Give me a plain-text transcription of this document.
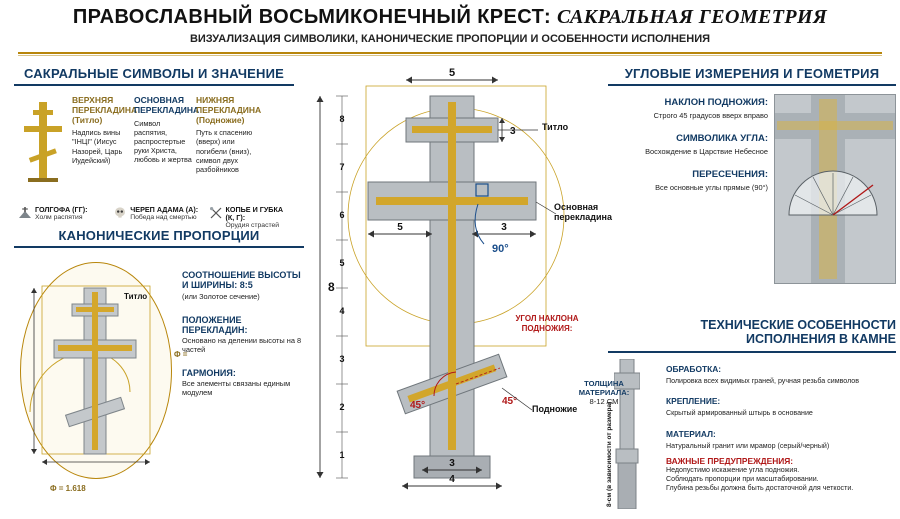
ПРАВОСЛАВНЫЙ ВОСЬМИКОНЕЧНЫЙ КРЕСТ: САКРАЛЬНАЯ ГЕОМЕТРИЯ
ВИЗУАЛИЗАЦИЯ СИМВОЛИКИ, КАНОНИЧЕСКИЕ ПРОПОРЦИИ И ОСОБЕННОСТИ ИСПОЛНЕНИЯ
САКРАЛЬНЫЕ СИМВОЛЫ И ЗНАЧЕНИЕ
ВЕРХНЯЯ ПЕРЕКЛАДИНА
(Титло)
Надпись вины "ІНЦІ" (Иисус Назорей, Царь Иудейский)
ОСНОВНАЯ ПЕРЕКЛАДИНА
Символ распятия, распростертые руки Христа, любовь и жертва
НИЖНЯЯ ПЕРЕКЛАДИНА
(Подножие)
Путь к спасению (вверх) или погибели (вниз), символ двух разбойников
ГОЛГОФА (ГГ):
Холм распятия
ЧЕРЕП АДАМА (А):
Победа над смертью
КОПЬЕ И ГУБКА (К, Г):
Орудия страстей
КАНОНИЧЕСКИЕ ПРОПОРЦИИ
Титло
СООТНОШЕНИЕ ВЫСОТЫ И ШИРИНЫ: 8:5
(или Золотое сечение)
ПОЛОЖЕНИЕ ПЕРЕКЛАДИН:
Основано на делении высоты на 8 частей
ГАРМОНИЯ:
Все элементы связаны единым модулем
Φ =
Φ = 1.618
5
8
7
6
5
4
3
2
1
8
5	3
3
90°
45°	45°
3
4
Титло
Основная перекладина
Подножие
УГОЛ НАКЛОНА ПОДНОЖИЯ:
УГЛОВЫЕ ИЗМЕРЕНИЯ И ГЕОМЕТРИЯ
НАКЛОН ПОДНОЖИЯ:
Строго 45 градусов вверх вправо
СИМВОЛИКА УГЛА:
Восхождение в Царствие Небесное
ПЕРЕСЕЧЕНИЯ:
Все основные углы прямые (90°)
ТЕХНИЧЕСКИЕ ОСОБЕННОСТИ
ИСПОЛНЕНИЯ В КАМНЕ
8-см (в зависимости от размера)
ОБРАБОТКА:
Полировка всех видимых граней, ручная резьба символов
КРЕПЛЕНИЕ:
Скрытый армированный штырь в основание
МАТЕРИАЛ:
Натуральный гранит или мрамор (серый/черный)
ВАЖНЫЕ ПРЕДУПРЕЖДЕНИЯ:
Недопустимо искажение угла подножия.
Соблюдать пропорции при масштабировании.
Глубина резьбы должна быть достаточной для четкости.
ТОЛЩИНА
МАТЕРИАЛА:
8-12 СМ
